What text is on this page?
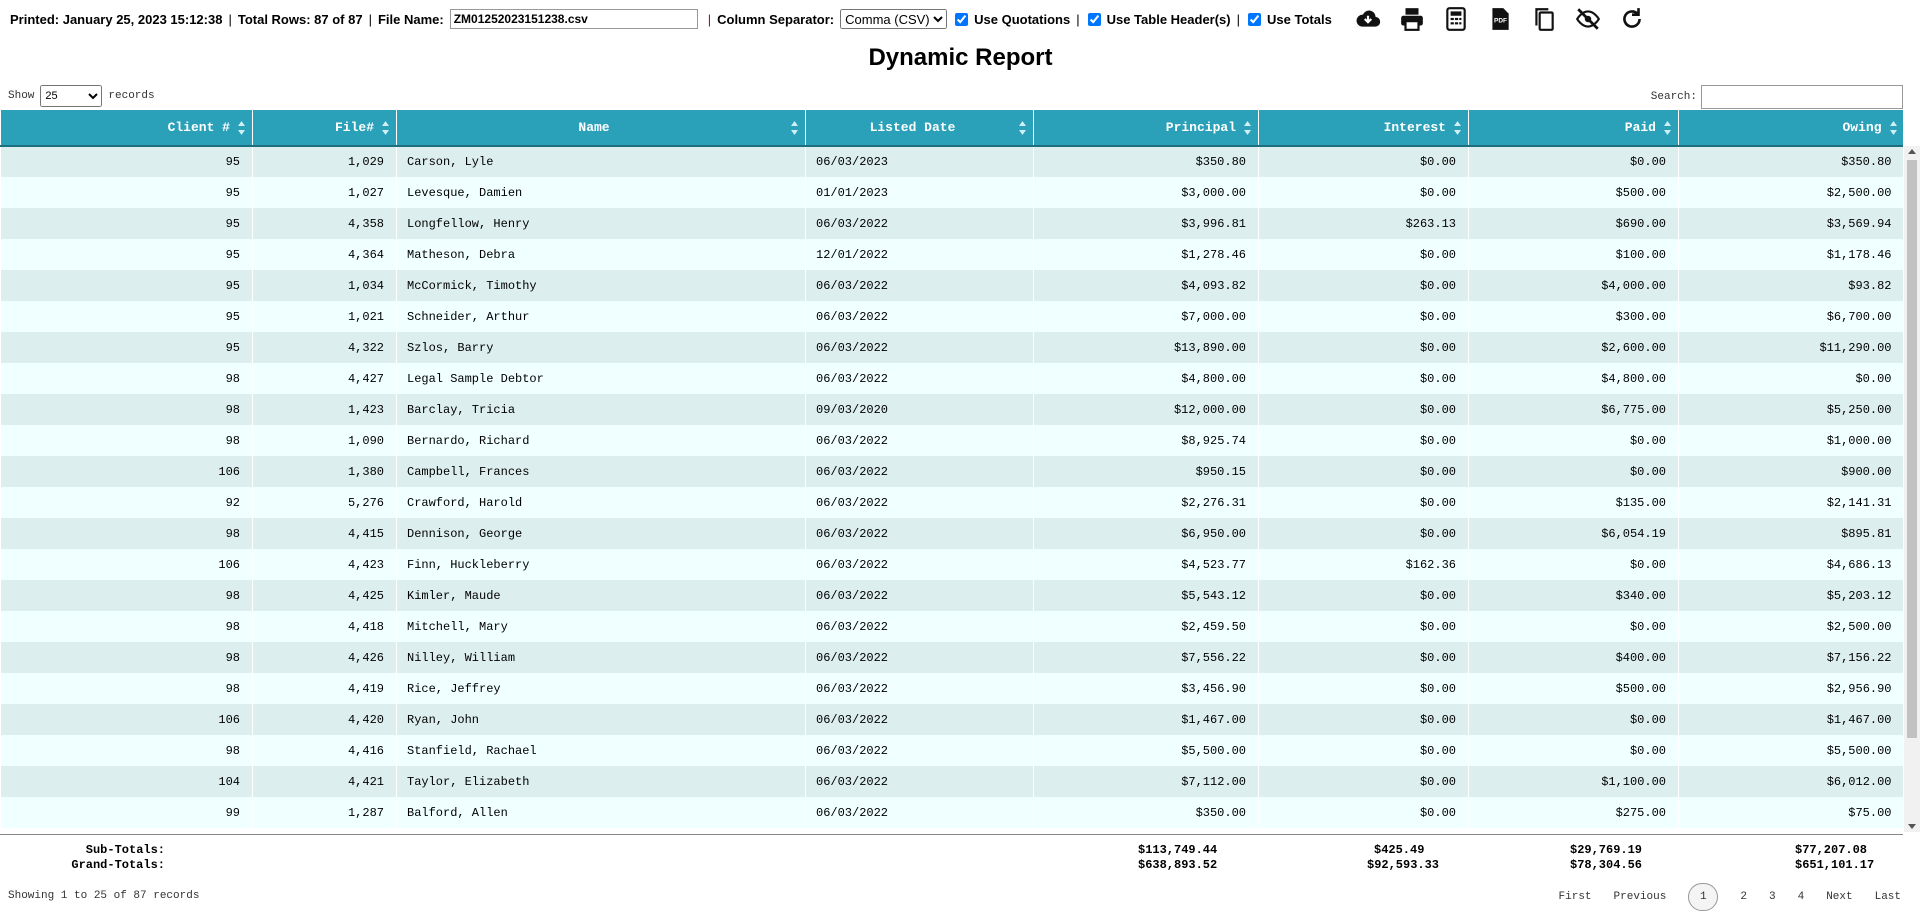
Printed: January 25, 2023 15:12:38 | Total Rows: 87 of 87 | File Name:
ZM01252023151238.csv	| Column Separator:
Comma (CSV)	Use Quotations | Use Table Header(s) | Use Totals	PDF
Dynamic Report
Show
25	records	Search:
Client #	File#	Name	Listed Date	Principal	Interest	Paid	Owing

95	1,029	Carson, Lyle	06/03/2023	$350.80	$0.00	$0.00	$350.80
95	1,027	Levesque, Damien	01/01/2023	$3,000.00	$0.00	$500.00	$2,500.00
95	4,358	Longfellow, Henry	06/03/2022	$3,996.81	$263.13	$690.00	$3,569.94
95	4,364	Matheson, Debra	12/01/2022	$1,278.46	$0.00	$100.00	$1,178.46
95	1,034	McCormick, Timothy	06/03/2022	$4,093.82	$0.00	$4,000.00	$93.82
95	1,021	Schneider, Arthur	06/03/2022	$7,000.00	$0.00	$300.00	$6,700.00
95	4,322	Szlos, Barry	06/03/2022	$13,890.00	$0.00	$2,600.00	$11,290.00
98	4,427	Legal Sample Debtor	06/03/2022	$4,800.00	$0.00	$4,800.00	$0.00
98	1,423	Barclay, Tricia	09/03/2020	$12,000.00	$0.00	$6,775.00	$5,250.00
98	1,090	Bernardo, Richard	06/03/2022	$8,925.74	$0.00	$0.00	$1,000.00
106	1,380	Campbell, Frances	06/03/2022	$950.15	$0.00	$0.00	$900.00
92	5,276	Crawford, Harold	06/03/2022	$2,276.31	$0.00	$135.00	$2,141.31
98	4,415	Dennison, George	06/03/2022	$6,950.00	$0.00	$6,054.19	$895.81
106	4,423	Finn, Huckleberry	06/03/2022	$4,523.77	$162.36	$0.00	$4,686.13
98	4,425	Kimler, Maude	06/03/2022	$5,543.12	$0.00	$340.00	$5,203.12
98	4,418	Mitchell, Mary	06/03/2022	$2,459.50	$0.00	$0.00	$2,500.00
98	4,426	Nilley, William	06/03/2022	$7,556.22	$0.00	$400.00	$7,156.22
98	4,419	Rice, Jeffrey	06/03/2022	$3,456.90	$0.00	$500.00	$2,956.90
106	4,420	Ryan, John	06/03/2022	$1,467.00	$0.00	$0.00	$1,467.00
98	4,416	Stanfield, Rachael	06/03/2022	$5,500.00	$0.00	$0.00	$5,500.00
104	4,421	Taylor, Elizabeth	06/03/2022	$7,112.00	$0.00	$1,100.00	$6,012.00
99	1,287	Balford, Allen	06/03/2022	$350.00	$0.00	$275.00	$75.00
Sub-Totals:	$113,749.44	$425.49	$29,769.19	$77,207.08
Grand-Totals:	$638,893.52	$92,593.33	$78,304.56	$651,101.17
Showing 1 to 25 of 87 records	First Previous	1	2 3 4 Next Last
